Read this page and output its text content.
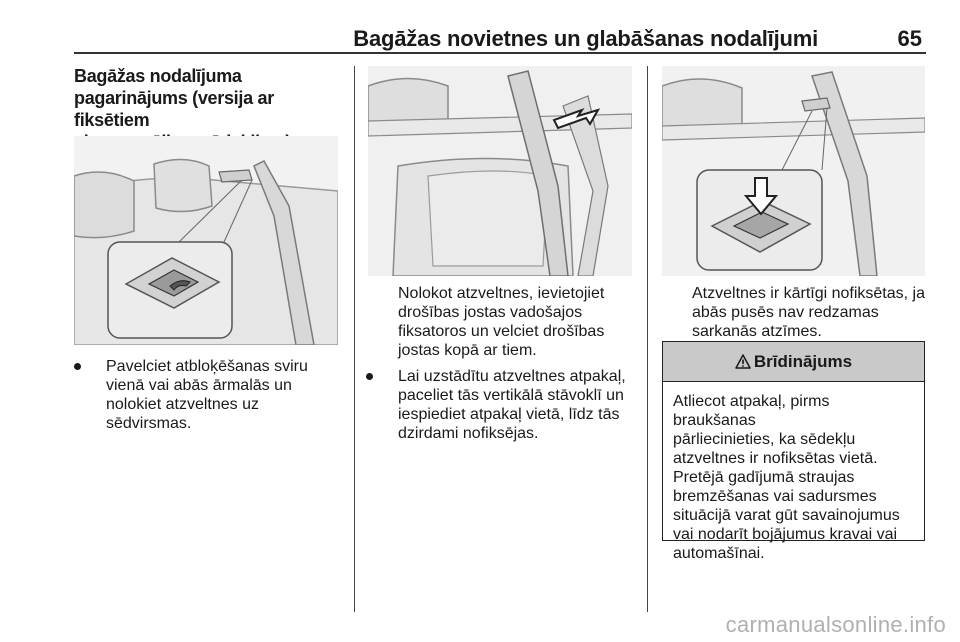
Bagāžas novietnes un glabāšanas nodalījumi	65
Bagāžas nodalījuma
pagarinājums (versija ar fiksētiem
Pavelciet atbloķēšanas sviru
vienā vai abās ārmalās un
nolokiet atzveltnes uz
sēdvirsmas.
Nolokot atzveltnes, ievietojiet
drošības jostas vadošajos
fiksatoros un velciet drošības
jostas kopā ar tiem.
Lai uzstādītu atzveltnes atpakaļ,
paceliet tās vertikālā stāvoklī un
iespiediet atpakaļ vietā, līdz tās
dzirdami nofiksējas.
Atzveltnes ir kārtīgi nofiksētas, ja
abās pusēs nav redzamas
sarkanās atzīmes.
Brīdinājums
Atliecot atpakaļ, pirms braukšanas
pārliecinieties, ka sēdekļu
atzveltnes ir nofiksētas vietā.
Pretējā gadījumā straujas
bremzēšanas vai sadursmes
situācijā varat gūt savainojumus
vai nodarīt bojājumus kravai vai
automašīnai.
carmanualsonline.info
